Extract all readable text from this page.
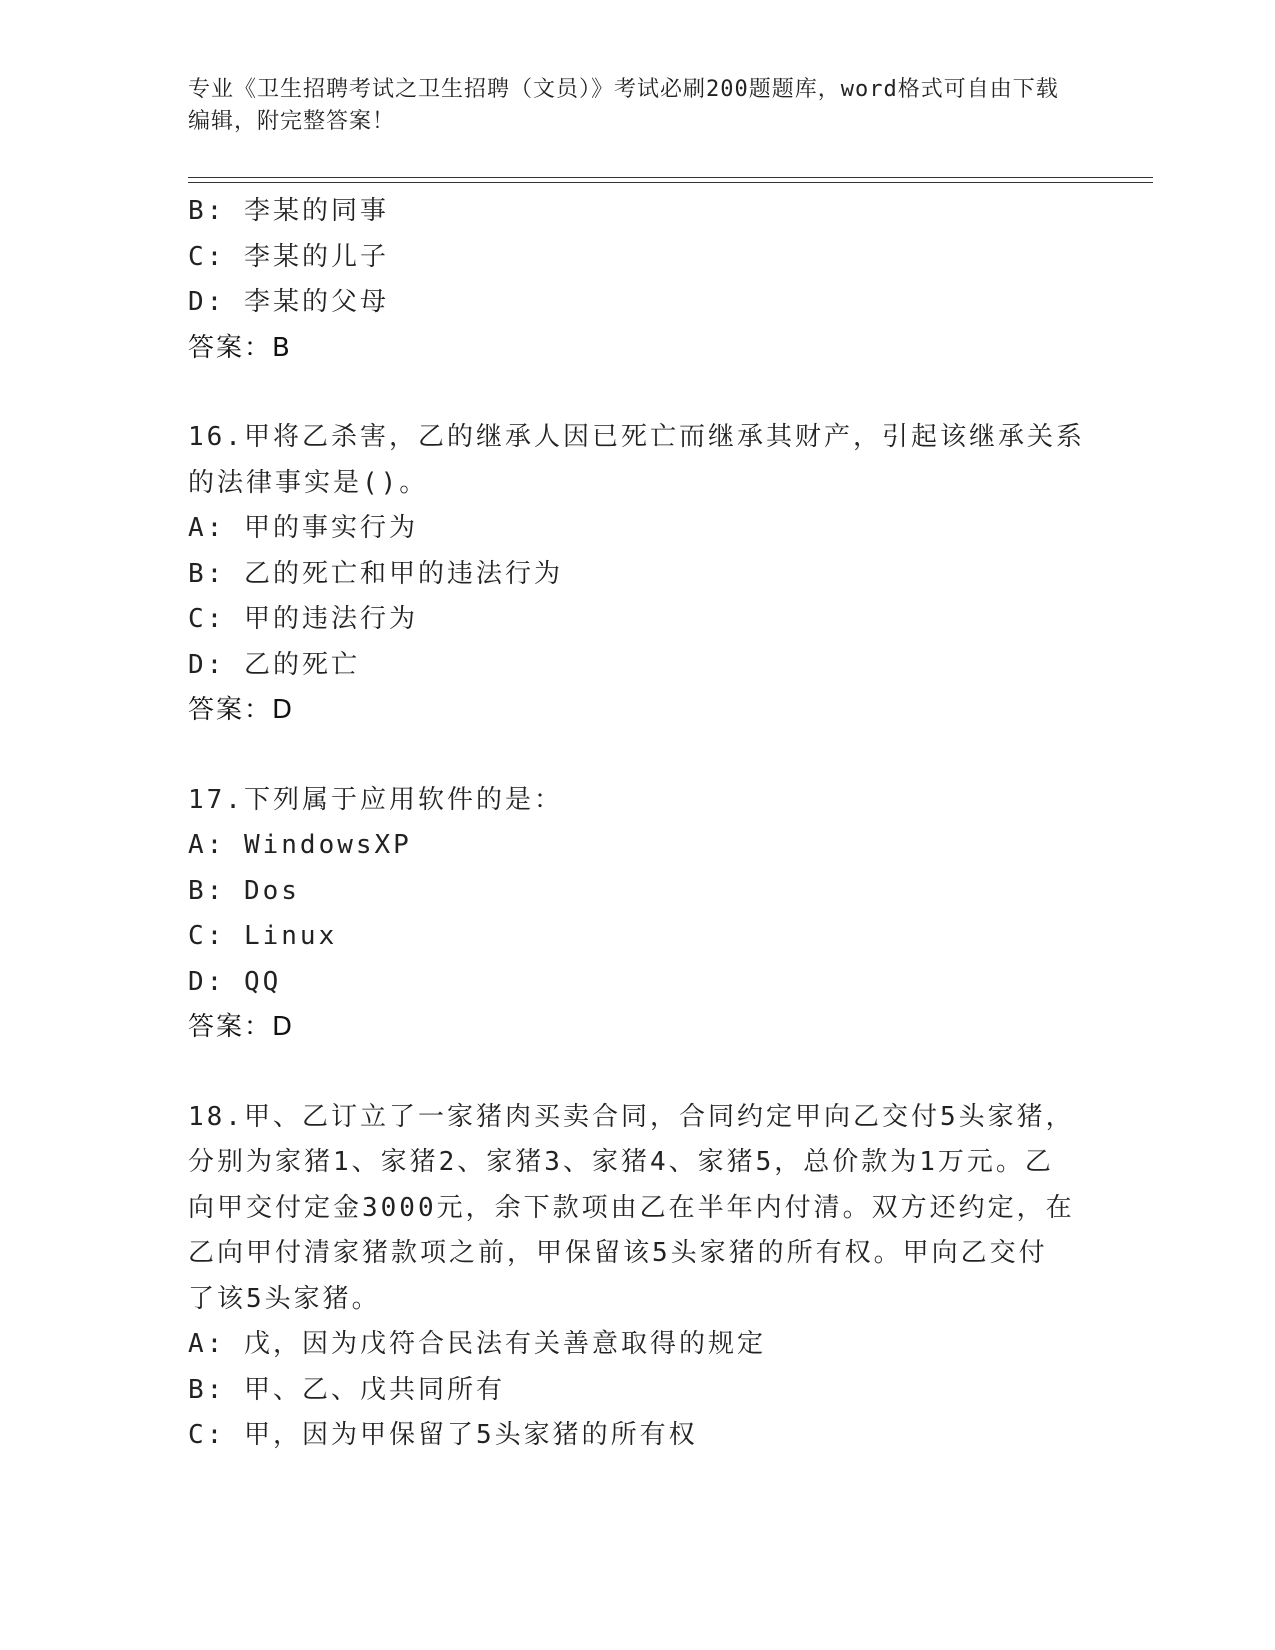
专业《卫生招聘考试之卫生招聘（文员）》考试必刷200题题库，word格式可自由下载编辑，附完整答案！
B: 李某的同事
C: 李某的儿子
D: 李某的父母
答案：B
16.甲将乙杀害，乙的继承人因已死亡而继承其财产，引起该继承关系
的法律事实是()。
A: 甲的事实行为
B: 乙的死亡和甲的违法行为
C: 甲的违法行为
D: 乙的死亡
答案：D
17.下列属于应用软件的是：
A: WindowsXP
B: Dos
C: Linux
D: QQ
答案：D
18.甲、乙订立了一家猪肉买卖合同，合同约定甲向乙交付5头家猪，
分别为家猪1、家猪2、家猪3、家猪4、家猪5，总价款为1万元。乙
向甲交付定金3000元，余下款项由乙在半年内付清。双方还约定，在
乙向甲付清家猪款项之前，甲保留该5头家猪的所有权。甲向乙交付
了该5头家猪。
A: 戊，因为戊符合民法有关善意取得的规定
B: 甲、乙、戊共同所有
C: 甲，因为甲保留了5头家猪的所有权
